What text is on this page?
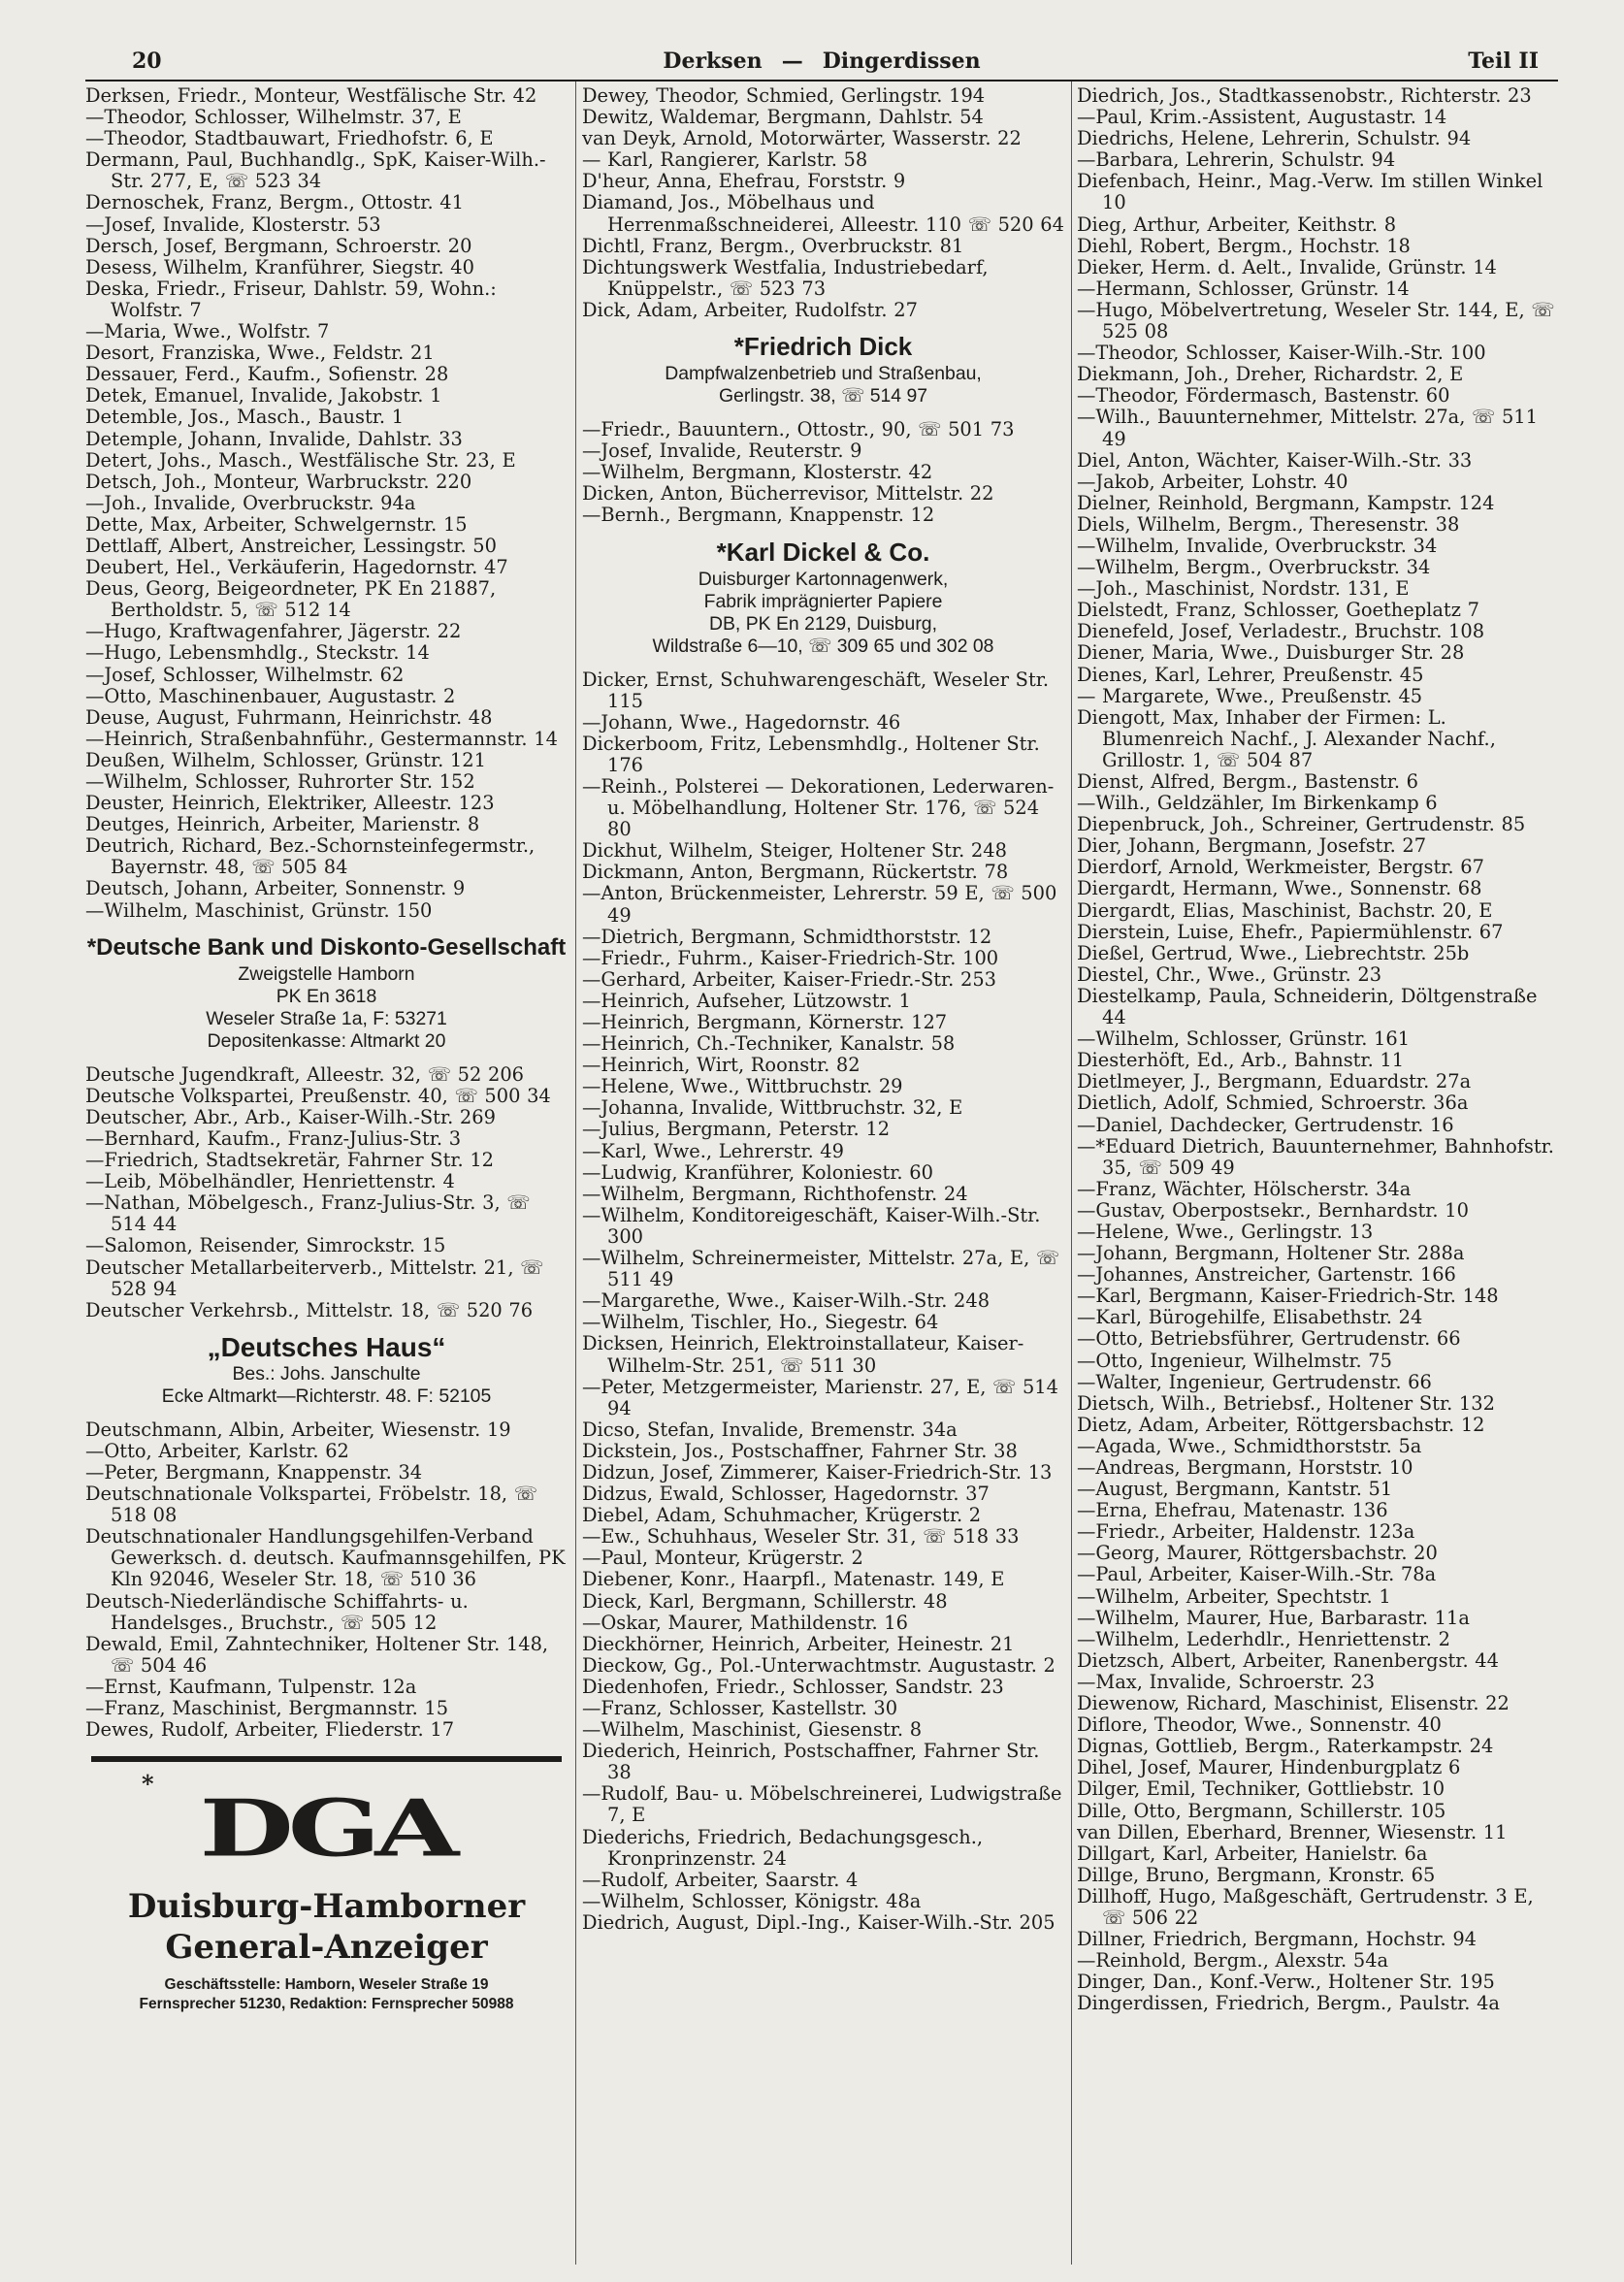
20	Derksen — Dingerdissen	Teil II
Derksen, Friedr., Monteur, Westfälische Str. 42
—Theodor, Schlosser, Wilhelmstr. 37, E
—Theodor, Stadtbauwart, Friedhofstr. 6, E
Dermann, Paul, Buchhandlg., SpK, Kaiser-Wilh.-Str. 277, E, ☏ 523 34
Dernoschek, Franz, Bergm., Ottostr. 41
—Josef, Invalide, Klosterstr. 53
Dersch, Josef, Bergmann, Schroerstr. 20
Desess, Wilhelm, Kranführer, Siegstr. 40
Deska, Friedr., Friseur, Dahlstr. 59, Wohn.: Wolfstr. 7
—Maria, Wwe., Wolfstr. 7
Desort, Franziska, Wwe., Feldstr. 21
Dessauer, Ferd., Kaufm., Sofienstr. 28
Detek, Emanuel, Invalide, Jakobstr. 1
Detemble, Jos., Masch., Baustr. 1
Detemple, Johann, Invalide, Dahlstr. 33
Detert, Johs., Masch., Westfälische Str. 23, E
Detsch, Joh., Monteur, Warbruckstr. 220
—Joh., Invalide, Overbruckstr. 94a
Dette, Max, Arbeiter, Schwelgernstr. 15
Dettlaff, Albert, Anstreicher, Lessingstr. 50
Deubert, Hel., Verkäuferin, Hagedornstr. 47
Deus, Georg, Beigeordneter, PK En 21887, Bertholdstr. 5, ☏ 512 14
—Hugo, Kraftwagenfahrer, Jägerstr. 22
—Hugo, Lebensmhdlg., Steckstr. 14
—Josef, Schlosser, Wilhelmstr. 62
—Otto, Maschinenbauer, Augustastr. 2
Deuse, August, Fuhrmann, Heinrichstr. 48
—Heinrich, Straßenbahnführ., Gestermannstr. 14
Deußen, Wilhelm, Schlosser, Grünstr. 121
—Wilhelm, Schlosser, Ruhrorter Str. 152
Deuster, Heinrich, Elektriker, Alleestr. 123
Deutges, Heinrich, Arbeiter, Marienstr. 8
Deutrich, Richard, Bez.-Schornsteinfegermstr., Bayernstr. 48, ☏ 505 84
Deutsch, Johann, Arbeiter, Sonnenstr. 9
—Wilhelm, Maschinist, Grünstr. 150
*Deutsche Bank und Diskonto-Gesellschaft
Zweigstelle Hamborn
PK En 3618
Weseler Straße 1a, F: 53271
Depositenkasse: Altmarkt 20
Deutsche Jugendkraft, Alleestr. 32, ☏ 52 206
Deutsche Volkspartei, Preußenstr. 40, ☏ 500 34
Deutscher, Abr., Arb., Kaiser-Wilh.-Str. 269
—Bernhard, Kaufm., Franz-Julius-Str. 3
—Friedrich, Stadtsekretär, Fahrner Str. 12
—Leib, Möbelhändler, Henriettenstr. 4
—Nathan, Möbelgesch., Franz-Julius-Str. 3, ☏ 514 44
—Salomon, Reisender, Simrockstr. 15
Deutscher Metallarbeiterverb., Mittelstr. 21, ☏ 528 94
Deutscher Verkehrsb., Mittelstr. 18, ☏ 520 76
„Deutsches Haus“
Bes.: Johs. Janschulte
Ecke Altmarkt—Richterstr. 48. F: 52105
Deutschmann, Albin, Arbeiter, Wiesenstr. 19
—Otto, Arbeiter, Karlstr. 62
—Peter, Bergmann, Knappenstr. 34
Deutschnationale Volkspartei, Fröbelstr. 18, ☏ 518 08
Deutschnationaler Handlungsgehilfen-Verband Gewerksch. d. deutsch. Kaufmannsgehilfen, PK Kln 92046, Weseler Str. 18, ☏ 510 36
Deutsch-Niederländische Schiffahrts- u. Handelsges., Bruchstr., ☏ 505 12
Dewald, Emil, Zahntechniker, Holtener Str. 148, ☏ 504 46
—Ernst, Kaufmann, Tulpenstr. 12a
—Franz, Maschinist, Bergmannstr. 15
Dewes, Rudolf, Arbeiter, Fliederstr. 17
* DGA
Duisburg-Hamborner
General-Anzeiger
Geschäftsstelle: Hamborn, Weseler Straße 19
Fernsprecher 51230, Redaktion: Fernsprecher 50988
Dewey, Theodor, Schmied, Gerlingstr. 194
Dewitz, Waldemar, Bergmann, Dahlstr. 54
van Deyk, Arnold, Motorwärter, Wasserstr. 22
— Karl, Rangierer, Karlstr. 58
D'heur, Anna, Ehefrau, Forststr. 9
Diamand, Jos., Möbelhaus und Herrenmaßschneiderei, Alleestr. 110 ☏ 520 64
Dichtl, Franz, Bergm., Overbruckstr. 81
Dichtungswerk Westfalia, Industriebedarf, Knüppelstr., ☏ 523 73
Dick, Adam, Arbeiter, Rudolfstr. 27
*Friedrich Dick
Dampfwalzenbetrieb und Straßenbau,
Gerlingstr. 38, ☏ 514 97
—Friedr., Bauuntern., Ottostr., 90, ☏ 501 73
—Josef, Invalide, Reuterstr. 9
—Wilhelm, Bergmann, Klosterstr. 42
Dicken, Anton, Bücherrevisor, Mittelstr. 22
—Bernh., Bergmann, Knappenstr. 12
*Karl Dickel & Co.
Duisburger Kartonnagenwerk,
Fabrik imprägnierter Papiere
DB, PK En 2129, Duisburg,
Wildstraße 6—10, ☏ 309 65 und 302 08
Dicker, Ernst, Schuhwarengeschäft, Weseler Str. 115
—Johann, Wwe., Hagedornstr. 46
Dickerboom, Fritz, Lebensmhdlg., Holtener Str. 176
—Reinh., Polsterei — Dekorationen, Lederwaren- u. Möbelhandlung, Holtener Str. 176, ☏ 524 80
Dickhut, Wilhelm, Steiger, Holtener Str. 248
Dickmann, Anton, Bergmann, Rückertstr. 78
—Anton, Brückenmeister, Lehrerstr. 59 E, ☏ 500 49
—Dietrich, Bergmann, Schmidthorststr. 12
—Friedr., Fuhrm., Kaiser-Friedrich-Str. 100
—Gerhard, Arbeiter, Kaiser-Friedr.-Str. 253
—Heinrich, Aufseher, Lützowstr. 1
—Heinrich, Bergmann, Körnerstr. 127
—Heinrich, Ch.-Techniker, Kanalstr. 58
—Heinrich, Wirt, Roonstr. 82
—Helene, Wwe., Wittbruchstr. 29
—Johanna, Invalide, Wittbruchstr. 32, E
—Julius, Bergmann, Peterstr. 12
—Karl, Wwe., Lehrerstr. 49
—Ludwig, Kranführer, Koloniestr. 60
—Wilhelm, Bergmann, Richthofenstr. 24
—Wilhelm, Konditoreigeschäft, Kaiser-Wilh.-Str. 300
—Wilhelm, Schreinermeister, Mittelstr. 27a, E, ☏ 511 49
—Margarethe, Wwe., Kaiser-Wilh.-Str. 248
—Wilhelm, Tischler, Ho., Siegestr. 64
Dicksen, Heinrich, Elektroinstallateur, Kaiser-Wilhelm-Str. 251, ☏ 511 30
—Peter, Metzgermeister, Marienstr. 27, E, ☏ 514 94
Dicso, Stefan, Invalide, Bremenstr. 34a
Dickstein, Jos., Postschaffner, Fahrner Str. 38
Didzun, Josef, Zimmerer, Kaiser-Friedrich-Str. 13
Didzus, Ewald, Schlosser, Hagedornstr. 37
Diebel, Adam, Schuhmacher, Krügerstr. 2
—Ew., Schuhhaus, Weseler Str. 31, ☏ 518 33
—Paul, Monteur, Krügerstr. 2
Diebener, Konr., Haarpfl., Matenastr. 149, E
Dieck, Karl, Bergmann, Schillerstr. 48
—Oskar, Maurer, Mathildenstr. 16
Dieckhörner, Heinrich, Arbeiter, Heinestr. 21
Dieckow, Gg., Pol.-Unterwachtmstr. Augustastr. 2
Diedenhofen, Friedr., Schlosser, Sandstr. 23
—Franz, Schlosser, Kastellstr. 30
—Wilhelm, Maschinist, Giesenstr. 8
Diederich, Heinrich, Postschaffner, Fahrner Str. 38
—Rudolf, Bau- u. Möbelschreinerei, Ludwigstraße 7, E
Diederichs, Friedrich, Bedachungsgesch., Kronprinzenstr. 24
—Rudolf, Arbeiter, Saarstr. 4
—Wilhelm, Schlosser, Königstr. 48a
Diedrich, August, Dipl.-Ing., Kaiser-Wilh.-Str. 205
Diedrich, Jos., Stadtkassenobstr., Richterstr. 23
—Paul, Krim.-Assistent, Augustastr. 14
Diedrichs, Helene, Lehrerin, Schulstr. 94
—Barbara, Lehrerin, Schulstr. 94
Diefenbach, Heinr., Mag.-Verw. Im stillen Winkel 10
Dieg, Arthur, Arbeiter, Keithstr. 8
Diehl, Robert, Bergm., Hochstr. 18
Dieker, Herm. d. Aelt., Invalide, Grünstr. 14
—Hermann, Schlosser, Grünstr. 14
—Hugo, Möbelvertretung, Weseler Str. 144, E, ☏ 525 08
—Theodor, Schlosser, Kaiser-Wilh.-Str. 100
Diekmann, Joh., Dreher, Richardstr. 2, E
—Theodor, Fördermasch, Bastenstr. 60
—Wilh., Bauunternehmer, Mittelstr. 27a, ☏ 511 49
Diel, Anton, Wächter, Kaiser-Wilh.-Str. 33
—Jakob, Arbeiter, Lohstr. 40
Dielner, Reinhold, Bergmann, Kampstr. 124
Diels, Wilhelm, Bergm., Theresenstr. 38
—Wilhelm, Invalide, Overbruckstr. 34
—Wilhelm, Bergm., Overbruckstr. 34
—Joh., Maschinist, Nordstr. 131, E
Dielstedt, Franz, Schlosser, Goetheplatz 7
Dienefeld, Josef, Verladestr., Bruchstr. 108
Diener, Maria, Wwe., Duisburger Str. 28
Dienes, Karl, Lehrer, Preußenstr. 45
— Margarete, Wwe., Preußenstr. 45
Diengott, Max, Inhaber der Firmen: L. Blumenreich Nachf., J. Alexander Nachf., Grillostr. 1, ☏ 504 87
Dienst, Alfred, Bergm., Bastenstr. 6
—Wilh., Geldzähler, Im Birkenkamp 6
Diepenbruck, Joh., Schreiner, Gertrudenstr. 85
Dier, Johann, Bergmann, Josefstr. 27
Dierdorf, Arnold, Werkmeister, Bergstr. 67
Diergardt, Hermann, Wwe., Sonnenstr. 68
Diergardt, Elias, Maschinist, Bachstr. 20, E
Dierstein, Luise, Ehefr., Papiermühlenstr. 67
Dießel, Gertrud, Wwe., Liebrechtstr. 25b
Diestel, Chr., Wwe., Grünstr. 23
Diestelkamp, Paula, Schneiderin, Döltgenstraße 44
—Wilhelm, Schlosser, Grünstr. 161
Diesterhöft, Ed., Arb., Bahnstr. 11
Dietlmeyer, J., Bergmann, Eduardstr. 27a
Dietlich, Adolf, Schmied, Schroerstr. 36a
—Daniel, Dachdecker, Gertrudenstr. 16
—*Eduard Dietrich, Bauunternehmer, Bahnhofstr. 35, ☏ 509 49
—Franz, Wächter, Hölscherstr. 34a
—Gustav, Oberpostsekr., Bernhardstr. 10
—Helene, Wwe., Gerlingstr. 13
—Johann, Bergmann, Holtener Str. 288a
—Johannes, Anstreicher, Gartenstr. 166
—Karl, Bergmann, Kaiser-Friedrich-Str. 148
—Karl, Bürogehilfe, Elisabethstr. 24
—Otto, Betriebsführer, Gertrudenstr. 66
—Otto, Ingenieur, Wilhelmstr. 75
—Walter, Ingenieur, Gertrudenstr. 66
Dietsch, Wilh., Betriebsf., Holtener Str. 132
Dietz, Adam, Arbeiter, Röttgersbachstr. 12
—Agada, Wwe., Schmidthorststr. 5a
—Andreas, Bergmann, Horststr. 10
—August, Bergmann, Kantstr. 51
—Erna, Ehefrau, Matenastr. 136
—Friedr., Arbeiter, Haldenstr. 123a
—Georg, Maurer, Röttgersbachstr. 20
—Paul, Arbeiter, Kaiser-Wilh.-Str. 78a
—Wilhelm, Arbeiter, Spechtstr. 1
—Wilhelm, Maurer, Hue, Barbarastr. 11a
—Wilhelm, Lederhdlr., Henriettenstr. 2
Dietzsch, Albert, Arbeiter, Ranenbergstr. 44
—Max, Invalide, Schroerstr. 23
Diewenow, Richard, Maschinist, Elisenstr. 22
Diflore, Theodor, Wwe., Sonnenstr. 40
Dignas, Gottlieb, Bergm., Raterkampstr. 24
Dihel, Josef, Maurer, Hindenburgplatz 6
Dilger, Emil, Techniker, Gottliebstr. 10
Dille, Otto, Bergmann, Schillerstr. 105
van Dillen, Eberhard, Brenner, Wiesenstr. 11
Dillgart, Karl, Arbeiter, Hanielstr. 6a
Dillge, Bruno, Bergmann, Kronstr. 65
Dillhoff, Hugo, Maßgeschäft, Gertrudenstr. 3 E, ☏ 506 22
Dillner, Friedrich, Bergmann, Hochstr. 94
—Reinhold, Bergm., Alexstr. 54a
Dinger, Dan., Konf.-Verw., Holtener Str. 195
Dingerdissen, Friedrich, Bergm., Paulstr. 4a
